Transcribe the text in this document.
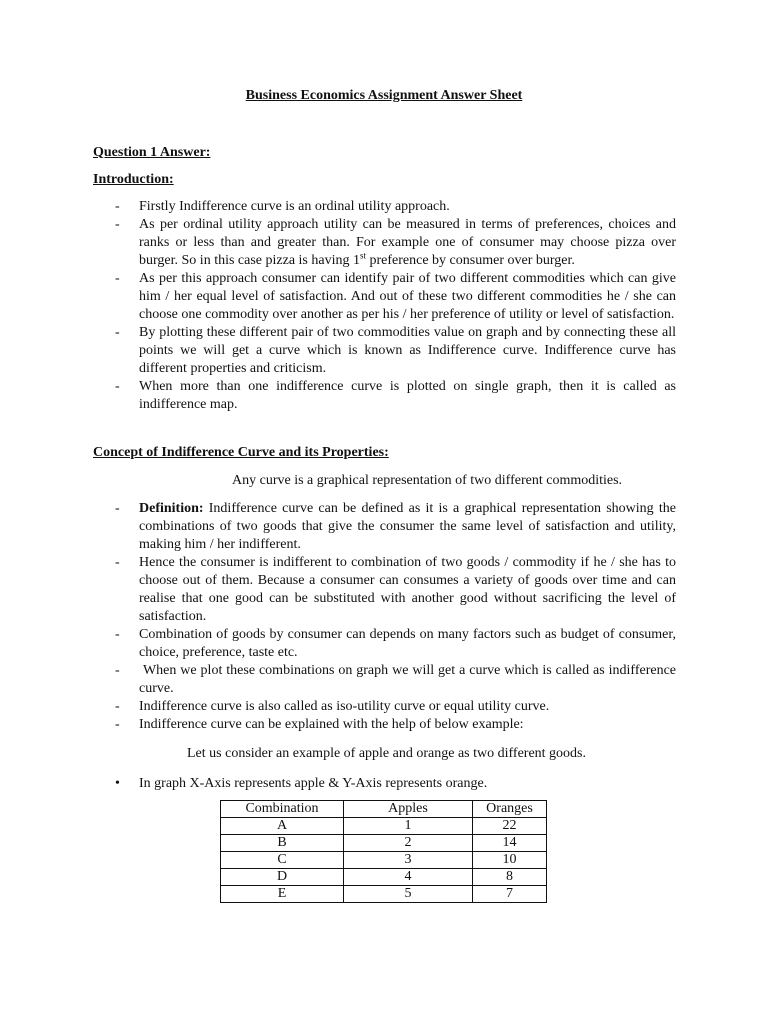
Business Economics Assignment Answer Sheet
Question 1 Answer:
Introduction:
- Firstly Indifference curve is an ordinal utility approach.
- As per ordinal utility approach utility can be measured in terms of preferences, choices and ranks or less than and greater than. For example one of consumer may choose pizza over burger. So in this case pizza is having 1st preference by consumer over burger.
- As per this approach consumer can identify pair of two different commodities which can give him / her equal level of satisfaction. And out of these two different commodities he / she can choose one commodity over another as per his / her preference of utility or level of satisfaction.
- By plotting these different pair of two commodities value on graph and by connecting these all points we will get a curve which is known as Indifference curve. Indifference curve has different properties and criticism.
- When more than one indifference curve is plotted on single graph, then it is called as indifference map.
Concept of Indifference Curve and its Properties:
Any curve is a graphical representation of two different commodities.
- Definition: Indifference curve can be defined as it is a graphical representation showing the combinations of two goods that give the consumer the same level of satisfaction and utility, making him / her indifferent.
- Hence the consumer is indifferent to combination of two goods / commodity if he / she has to choose out of them. Because a consumer can consumes a variety of goods over time and can realise that one good can be substituted with another good without sacrificing the level of satisfaction.
- Combination of goods by consumer can depends on many factors such as budget of consumer, choice, preference, taste etc.
- When we plot these combinations on graph we will get a curve which is called as indifference curve.
- Indifference curve is also called as iso-utility curve or equal utility curve.
- Indifference curve can be explained with the help of below example:
Let us consider an example of apple and orange as two different goods.
• In graph X-Axis represents apple & Y-Axis represents orange.
Combination	Apples	Oranges
A	1	22
B	2	14
C	3	10
D	4	8
E	5	7
